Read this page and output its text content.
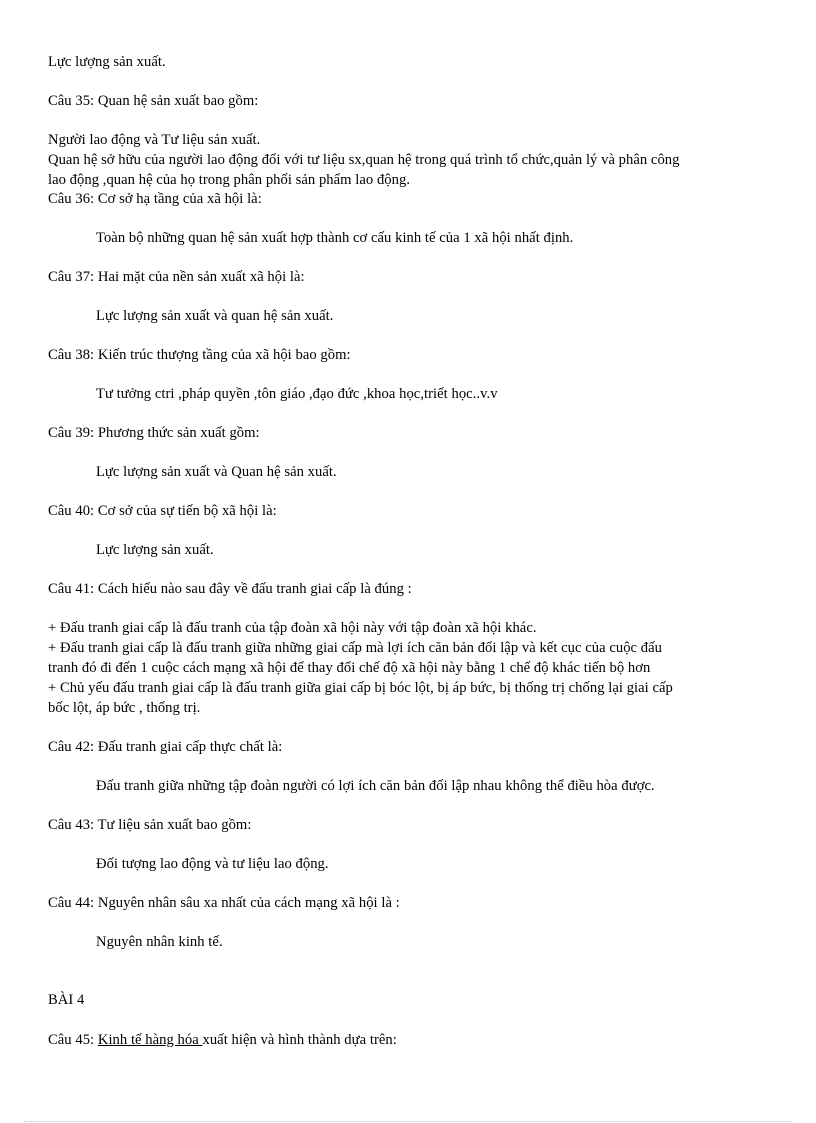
Lực lượng sản xuất.
Câu 35: Quan hệ sản xuất bao gồm:
Người lao động và Tư liệu sản xuất.
Quan hệ sở hữu của người lao động đối với tư liệu sx,quan hệ trong quá trình tổ chức,quản lý và phân công
lao động ,quan hệ của họ trong phân phối sản phẩm lao động.
Câu 36: Cơ sở hạ tầng của xã hội là:
Toàn bộ những quan hệ sản xuất hợp thành cơ cấu kinh tế của 1 xã hội nhất định.
Câu 37: Hai mặt của nền sản xuất xã hội là:
Lực lượng sản xuất và quan hệ sản xuất.
Câu 38: Kiến trúc thượng tầng của xã hội bao gồm:
Tư tưởng ctri ,pháp quyền ,tôn giáo ,đạo đức ,khoa học,triết học..v.v
Câu 39: Phương thức sản xuất gồm:
Lực lượng sản xuất và Quan hệ sản xuất.
Câu 40: Cơ sở của sự tiến bộ xã hội là:
Lực lượng sản xuất.
Câu 41: Cách hiểu nào sau đây về đấu tranh giai cấp là đúng :
+ Đấu tranh giai cấp là đấu tranh của tập đoàn xã hội này với tập đoàn xã hội khác.
+ Đấu tranh giai cấp là đấu tranh giữa những giai cấp mà lợi ích căn bản đối lập và kết cục của cuộc đấu
tranh đó đi đến 1 cuộc cách mạng xã hội để thay đổi chế độ xã hội này bằng 1 chế độ khác tiến bộ hơn
+ Chủ yếu đấu tranh giai cấp là đấu tranh giữa giai cấp bị bóc lột, bị áp bức, bị thống trị chống lại giai cấp
bốc lột, áp bức , thống trị.
Câu 42: Đấu tranh giai cấp thực chất là:
Đấu tranh giữa những tập đoàn người có lợi ích căn bản đối lập nhau không thể điều hòa được.
Câu 43: Tư liệu sản xuất bao gồm:
Đối tượng lao động và tư liệu lao động.
Câu 44: Nguyên nhân sâu xa nhất của cách mạng xã hội là :
Nguyên nhân kinh tế.
BÀI 4
Câu 45: Kinh tế hàng hóa xuất hiện và hình thành dựa trên:
